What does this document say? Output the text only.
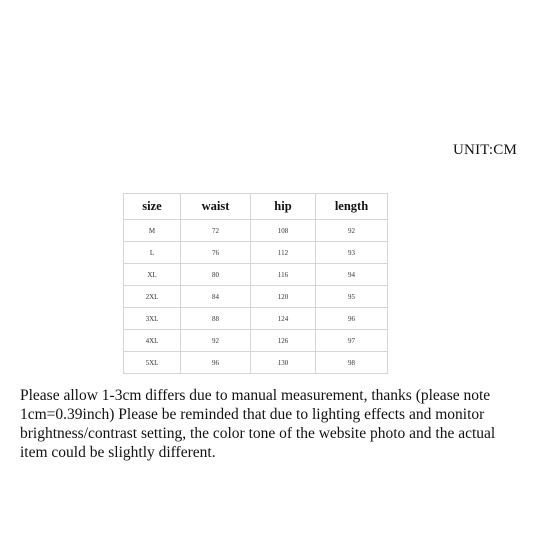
UNIT:CM
size	waist	hip	length
M	72	108	92
L	76	112	93
XL	80	116	94
2XL	84	120	95
3XL	88	124	96
4XL	92	126	97
5XL	96	130	98
Please allow 1-3cm differs due to manual measurement, thanks (please note 1cm=0.39inch) Please be reminded that due to lighting effects and monitor brightness/contrast setting, the color tone of the website photo and the actual item could be slightly different.
